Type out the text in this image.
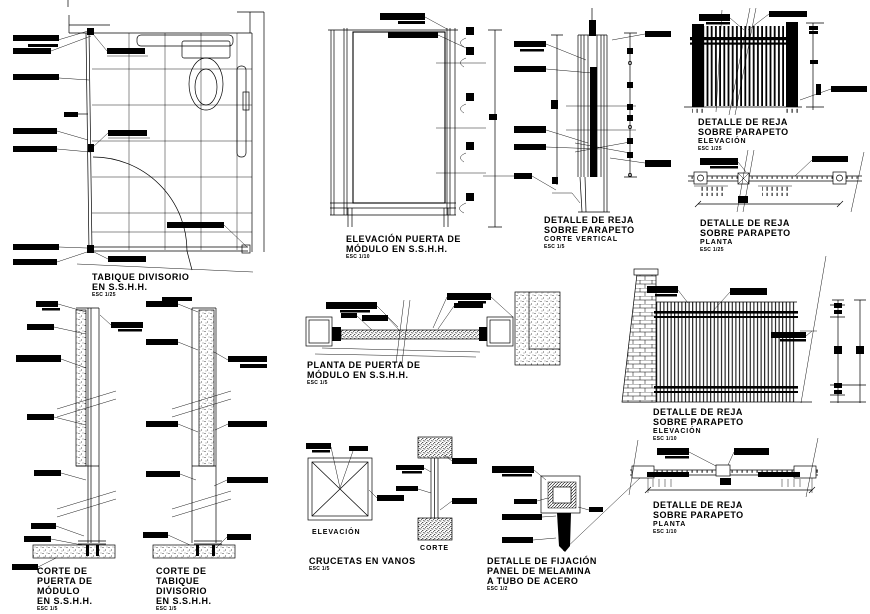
TABIQUE DIVISORIO
EN S.S.H.H.
ESC 1/25
ELEVACIÓN PUERTA DE
MÓDULO EN S.S.H.H.
ESC 1/10
DETALLE DE REJA
SOBRE PARAPETO
CORTE VERTICAL
ESC 1/5
DETALLE DE REJA
SOBRE PARAPETO
ELEVACIÓN
ESC 1/25
DETALLE DE REJA
SOBRE PARAPETO
PLANTA
ESC 1/25
PLANTA DE PUERTA DE
MÓDULO EN S.S.H.H.
ESC 1/5
CORTE DE
PUERTA DE
MÓDULO
EN S.S.H.H.
ESC 1/5
CORTE DE
TABIQUE
DIVISORIO
EN S.S.H.H.
ESC 1/5
ELEVACIÓN
CORTE
CRUCETAS EN VANOS
ESC 1/5
DETALLE DE FIJACIÓN
PANEL DE MELAMINA
A TUBO DE ACERO
ESC 1/2
DETALLE DE REJA
SOBRE PARAPETO
ELEVACIÓN
ESC 1/10
DETALLE DE REJA
SOBRE PARAPETO
PLANTA
ESC 1/10
